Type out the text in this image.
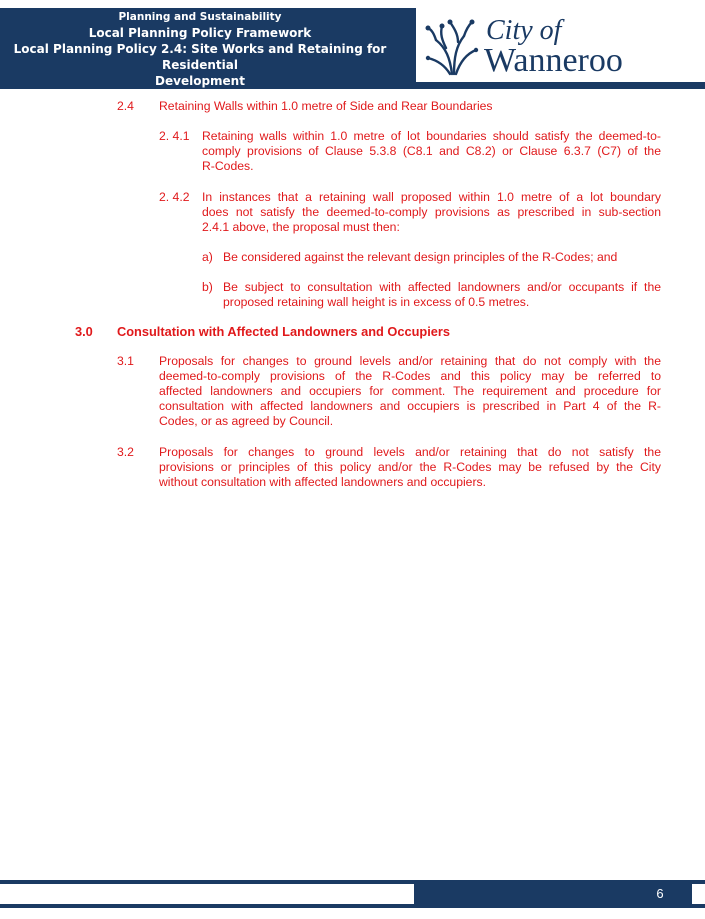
Planning and Sustainability
Local Planning Policy Framework
Local Planning Policy 2.4: Site Works and Retaining for Residential
Development
City of
Wanneroo
2.4 Retaining Walls within 1.0 metre of Side and Rear Boundaries
2. 4.1 Retaining walls within 1.0 metre of lot boundaries should satisfy the deemed-to-
comply provisions of Clause 5.3.8 (C8.1 and C8.2) or Clause 6.3.7 (C7) of the
R-Codes.
2. 4.2 In instances that a retaining wall proposed within 1.0 metre of a lot boundary
does not satisfy the deemed-to-comply provisions as prescribed in sub-section
2.4.1 above, the proposal must then:
a) Be considered against the relevant design principles of the R-Codes; and
b) Be subject to consultation with affected landowners and/or occupants if the
proposed retaining wall height is in excess of 0.5 metres.
3.0 Consultation with Affected Landowners and Occupiers
3.1 Proposals for changes to ground levels and/or retaining that do not comply with the
deemed-to-comply provisions of the R-Codes and this policy may be referred to
affected landowners and occupiers for comment. The requirement and procedure for
consultation with affected landowners and occupiers is prescribed in Part 4 of the R-
Codes, or as agreed by Council.
3.2 Proposals for changes to ground levels and/or retaining that do not satisfy the
provisions or principles of this policy and/or the R-Codes may be refused by the City
without consultation with affected landowners and occupiers.
6
